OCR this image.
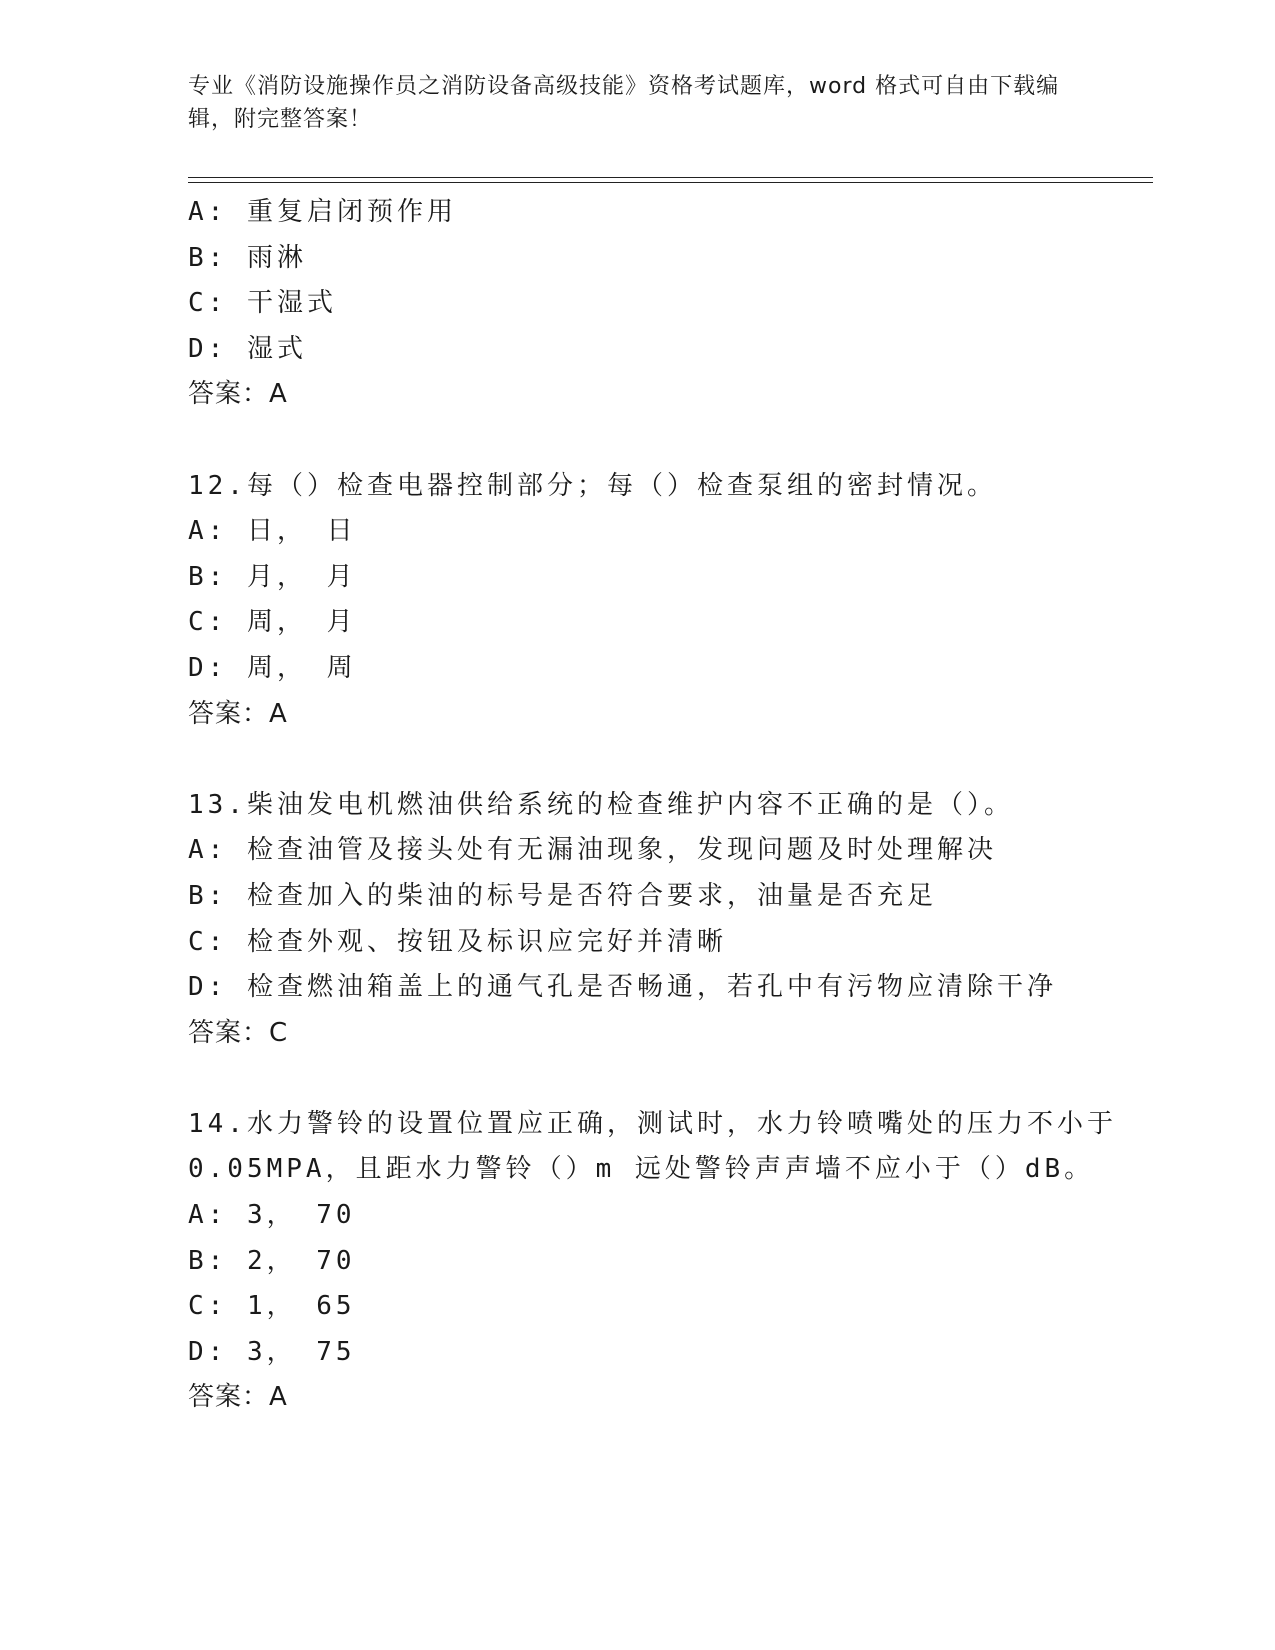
专业《消防设施操作员之消防设备高级技能》资格考试题库，word 格式可自由下载编辑，附完整答案！
A: 重复启闭预作用
B: 雨淋
C: 干湿式
D: 湿式
答案：A
12.每（）检查电器控制部分；每（）检查泵组的密封情况。
A: 日， 日
B: 月， 月
C: 周， 月
D: 周， 周
答案：A
13.柴油发电机燃油供给系统的检查维护内容不正确的是（）。
A: 检查油管及接头处有无漏油现象，发现问题及时处理解决
B: 检查加入的柴油的标号是否符合要求，油量是否充足
C: 检查外观、按钮及标识应完好并清晰
D: 检查燃油箱盖上的通气孔是否畅通，若孔中有污物应清除干净
答案：C
14.水力警铃的设置位置应正确，测试时，水力铃喷嘴处的压力不小于
0.05MPA，且距水力警铃（）m 远处警铃声声墙不应小于（）dB。
A: 3， 70
B: 2， 70
C: 1， 65
D: 3， 75
答案：A
